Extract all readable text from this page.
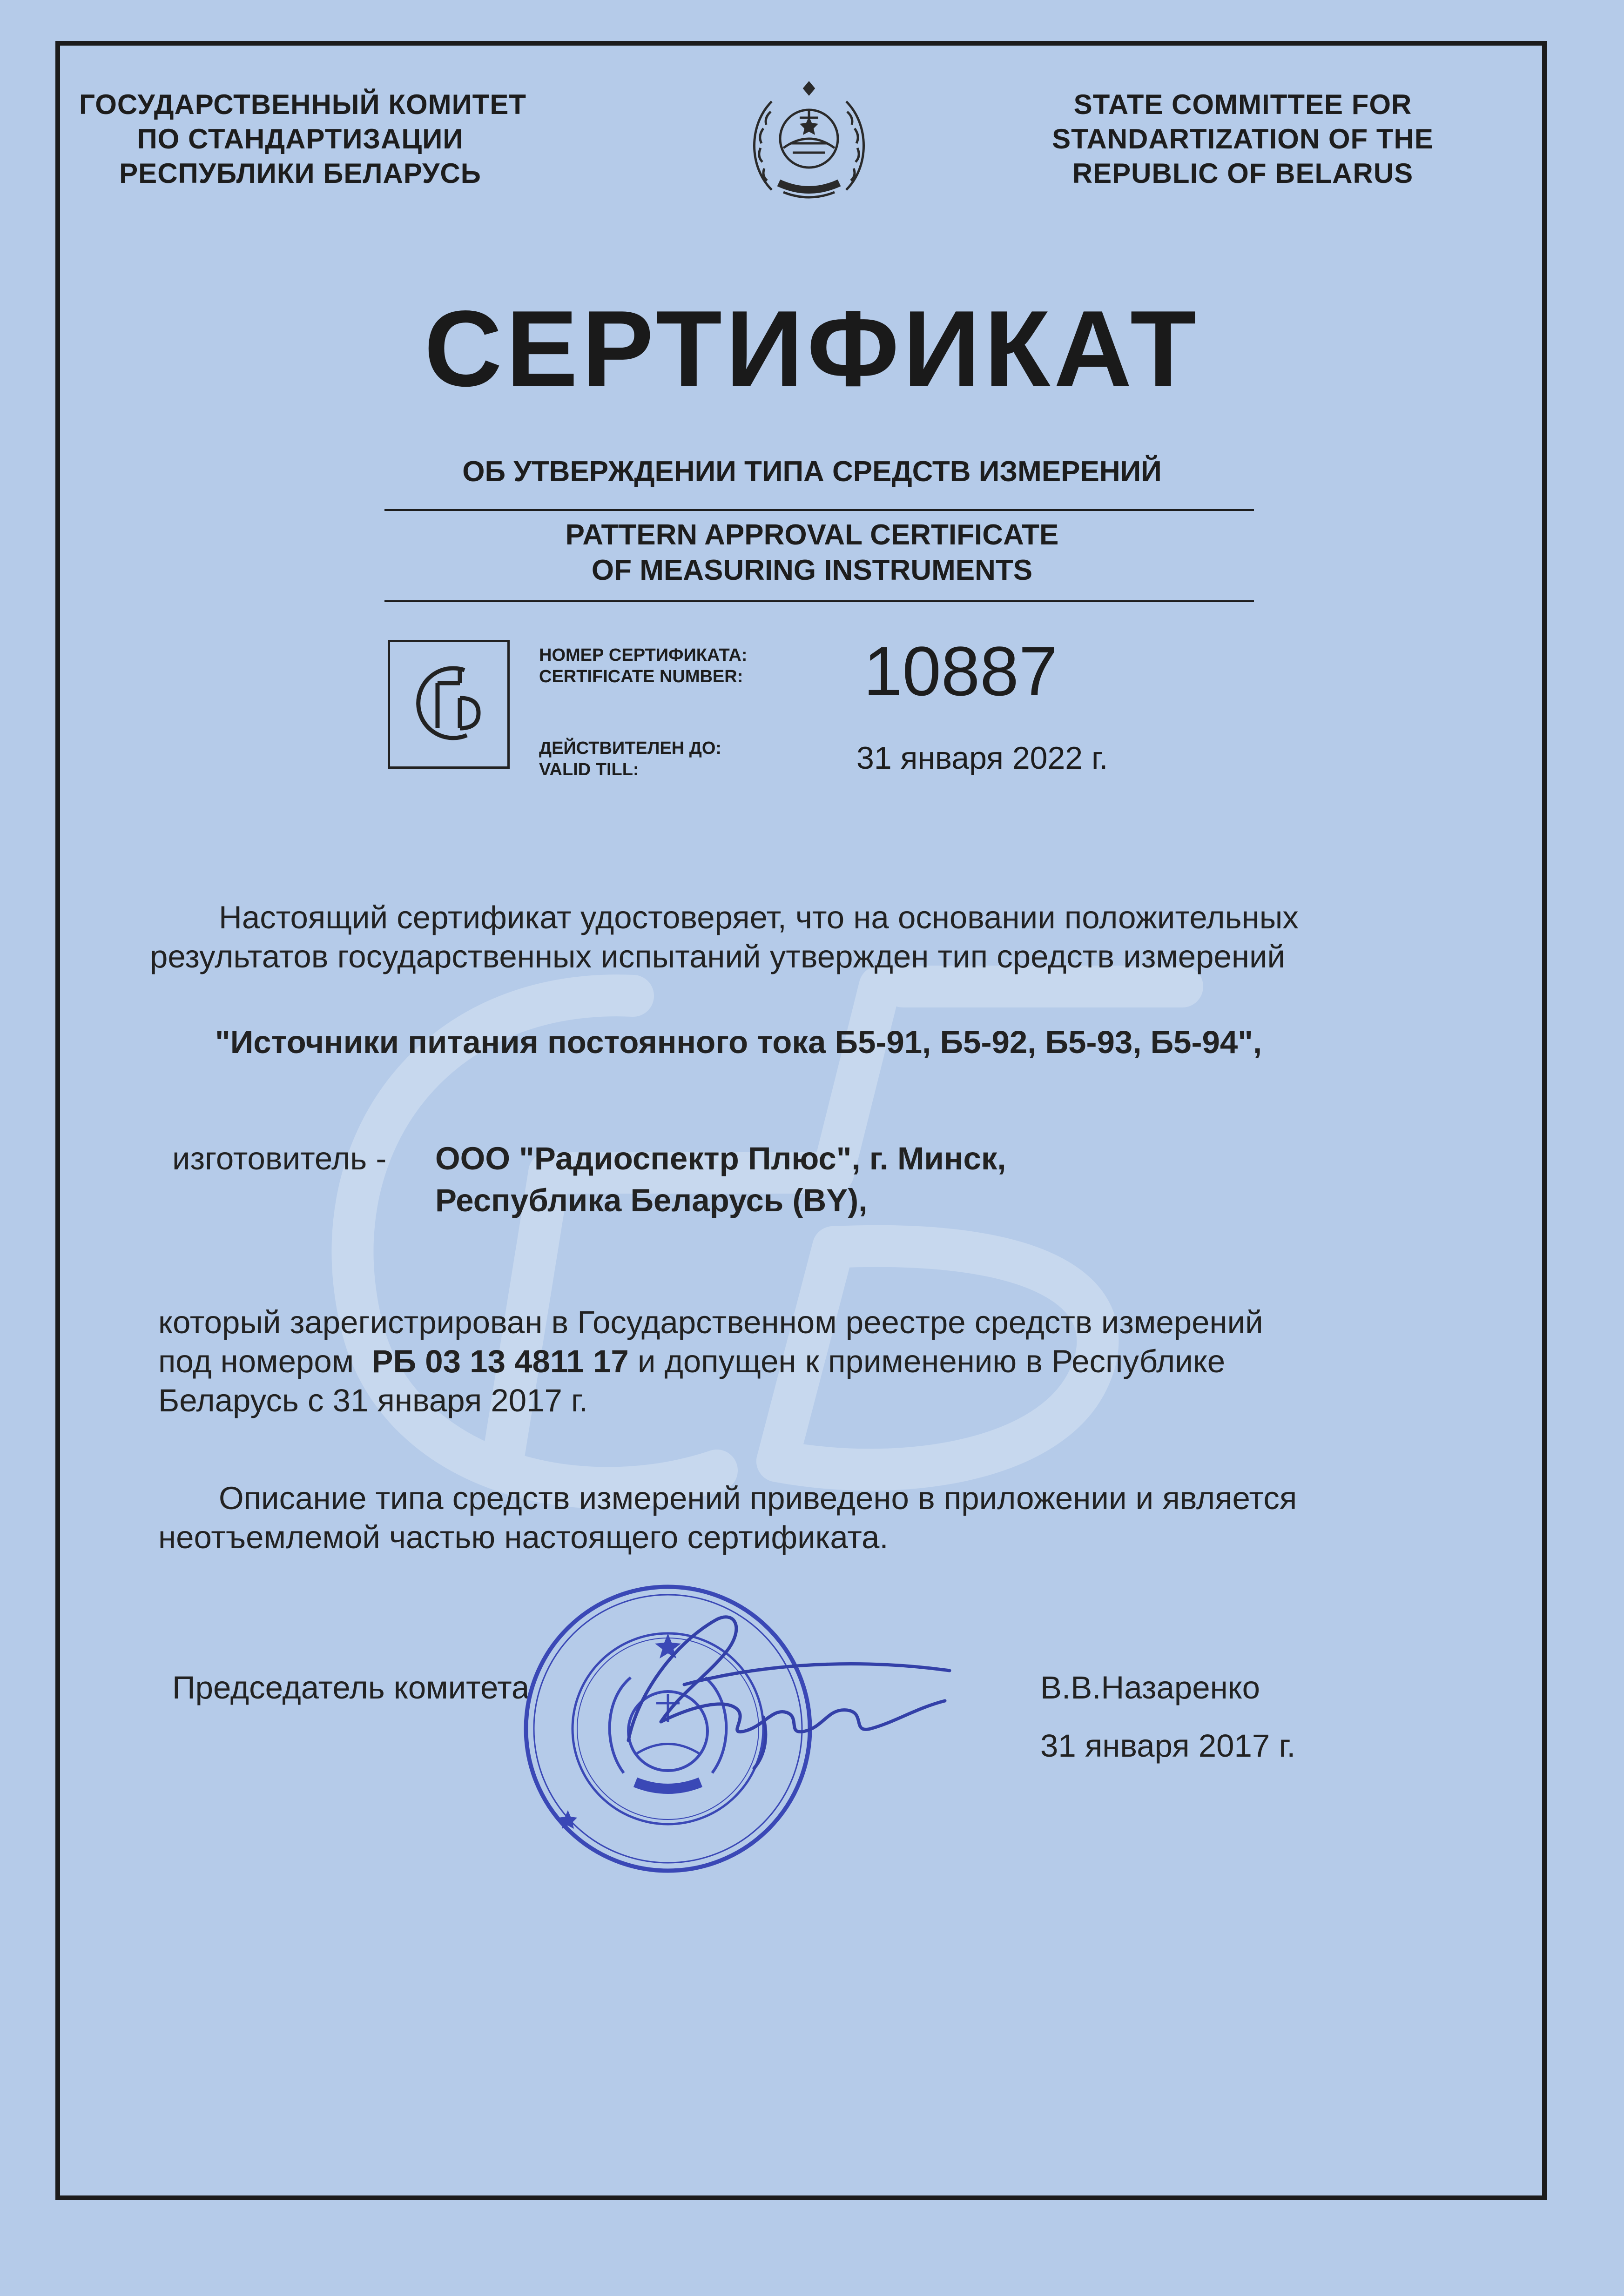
ГОСУДАРСТВЕННЫЙ КОМИТЕТ
ПО СТАНДАРТИЗАЦИИ
РЕСПУБЛИКИ БЕЛАРУСЬ
STATE COMMITTEE FOR
STANDARTIZATION OF THE
REPUBLIC OF BELARUS
СЕРТИФИКАТ
ОБ УТВЕРЖДЕНИИ ТИПА СРЕДСТВ ИЗМЕРЕНИЙ
PATTERN APPROVAL CERTIFICATE
OF MEASURING INSTRUMENTS
НОМЕР СЕРТИФИКАТА:
CERTIFICATE NUMBER: 10887
ДЕЙСТВИТЕЛЕН ДО:
VALID TILL:	31 января 2022 г.
Настоящий сертификат удостоверяет, что на основании положительных
результатов государственных испытаний утвержден тип средств измерений
"Источники питания постоянного тока Б5-91, Б5-92, Б5-93, Б5-94",
изготовитель - ООО "Радиоспектр Плюс", г. Минск,
Республика Беларусь (BY),
который зарегистрирован в Государственном реестре средств измерений
под номером РБ 03 13 4811 17 и допущен к применению в Республике
Беларусь с 31 января 2017 г.
Описание типа средств измерений приведено в приложении и является
неотъемлемой частью настоящего сертификата.
Председатель комитета	В.В.Назаренко
31 января 2017 г.
